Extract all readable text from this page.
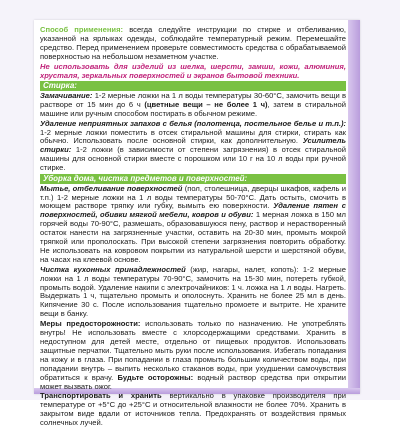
Способ применения: всегда следуйте инструкции по стирке и отбеливанию, указанной на ярлыках одежды, соблюдайте температурный режим. Перемешайте средство. Перед применением проверьте совместимость средства с обрабатываемой поверхностью на небольшом незаметном участке.

Не использовать для изделий из шелка, шерсти, замши, кожи, алюминия, хрусталя, зеркальных поверхностей и экранов бытовой техники.

Стирка:

Замачивание: 1-2 мерные ложки на 1 л воды температуры 30-60°С, замочить вещи в растворе от 15 мин до 6 ч (цветные вещи – не более 1 ч), затем в стиральной машине или ручным способом постирать в обычном режиме.

Удаление неприятных запахов с белья (полотенца, постельное белье и т.п.): 1-2 мерные ложки поместить в отсек стиральной машины для стирки, стирать как обычно. Использовать после основной стирки, как дополнительную. Усилитель стирки: 1-2 ложки (в зависимости от степени загрязнения) в отсек стиральной машины для основной стирки вместе с порошком или 10 г на 10 л воды при ручной стирке.

Уборка дома, чистка предметов и поверхностей:

Мытье, отбеливание поверхностей (пол, столешница, дверцы шкафов, кафель и т.п.) 1-2 мерные ложки на 1 л воды температуры 50-70°С. Дать остыть, смочить в моющем растворе тряпку или губку, вымыть ею поверхности. Удаление пятен с поверхностей, обивки мягкой мебели, ковров и обуви: 1 мерная ложка в 150 мл горячей воды 70-90°С, размешать, образовавшуюся пену, раствор и нерастворенный остаток нанести на загрязненные участки, оставить на 20-30 мин, промыть мокрой тряпкой или прополоскать. При высокой степени загрязнения повторить обработку. Не использовать на ковровом покрытии из натуральной шерсти и шерстяной обуви, на часах на клеевой основе.

Чистка кухонных принадлежностей (жир, нагары, налет, копоть): 1-2 мерные ложки на 1 л воды температуры 70-90°С, замочить на 15-30 мин, потереть губкой, промыть водой. Удаление накипи с электрочайников: 1 ч. ложка на 1 л воды. Нагреть. Выдержать 1 ч, тщательно промыть и ополоснуть. Хранить не более 25 мл в день. Кипячение 30 с. После использования тщательно промоете и вытрите. Не храните вещи в банку.

Меры предосторожности: использовать только по назначению. Не употреблять внутрь! Не использовать вместе с хлорсодержащими средствами. Хранить в недоступном для детей месте, отдельно от пищевых продуктов. Использовать защитные перчатки. Тщательно мыть руки после использования. Избегать попадания на кожу и в глаза. При попадании в глаза промыть большим количеством воды, при попадании внутрь – выпить несколько стаканов воды, при ухудшении самочувствия обратиться к врачу. Будьте осторожны: водный раствор средства при открытии может вызвать ожог.

Транспортировать и хранить вертикально в упаковке производителя при температуре от +5°С до +25°С и относительной влажности не более 70%. Хранить в закрытом виде вдали от источников тепла. Предохранять от воздействия прямых солнечных лучей.
